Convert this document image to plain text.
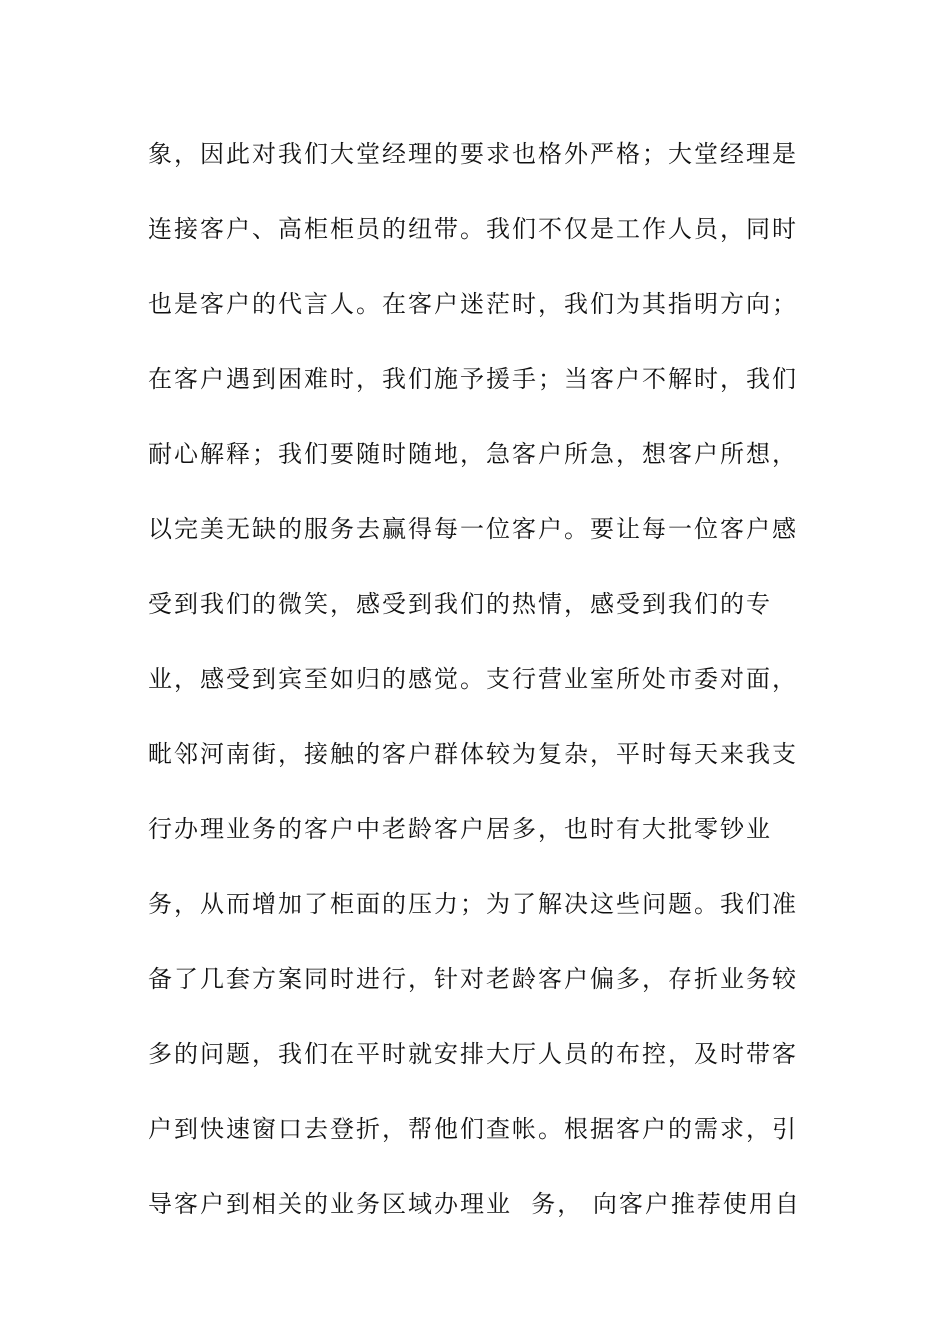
象，因此对我们大堂经理的要求也格外严格；大堂经理是
连接客户、高柜柜员的纽带。我们不仅是工作人员，同时
也是客户的代言人。在客户迷茫时，我们为其指明方向；
在客户遇到困难时，我们施予援手；当客户不解时，我们
耐心解释；我们要随时随地，急客户所急，想客户所想，
以完美无缺的服务去赢得每一位客户。要让每一位客户感
受到我们的微笑，感受到我们的热情，感受到我们的专
业，感受到宾至如归的感觉。支行营业室所处市委对面，
毗邻河南街，接触的客户群体较为复杂，平时每天来我支
行办理业务的客户中老龄客户居多，也时有大批零钞业
务，从而增加了柜面的压力；为了解决这些问题。我们准
备了几套方案同时进行，针对老龄客户偏多，存折业务较
多的问题，我们在平时就安排大厅人员的布控，及时带客
户到快速窗口去登折，帮他们查帐。根据客户的需求，引
导客户到相关的业务区域办理业  务， 向客户推荐使用自
